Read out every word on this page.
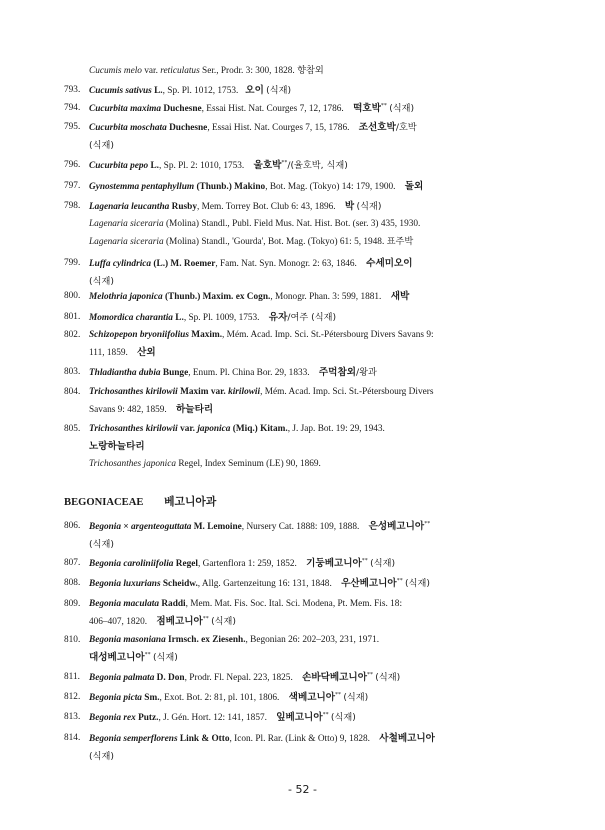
Cucumis melo var. reticulatus Ser., Prodr. 3: 300, 1828. 향참외
793. Cucumis sativus L., Sp. Pl. 1012, 1753.   오이 (식재)
794. Cucurbita maxima Duchesne, Essai Hist. Nat. Courges 7, 12, 1786.    떡호박** (식재)
795. Cucurbita moschata Duchesne, Essai Hist. Nat. Courges 7, 15, 1786.    조선호박/호박
(식재)
796. Cucurbita pepo L., Sp. Pl. 2: 1010, 1753.    울호박**/(율호박, 식재)
797. Gynostemma pentaphyllum (Thunb.) Makino, Bot. Mag. (Tokyo) 14: 179, 1900.    돌외
798. Lagenaria leucantha Rusby, Mem. Torrey Bot. Club 6: 43, 1896.    박 (식재)
Lagenaria siceraria (Molina) Standl., Publ. Field Mus. Nat. Hist. Bot. (ser. 3) 435, 1930.
Lagenaria siceraria (Molina) Standl., 'Gourda', Bot. Mag. (Tokyo) 61: 5, 1948. 표주박
799. Luffa cylindrica (L.) M. Roemer, Fam. Nat. Syn. Monogr. 2: 63, 1846.    수세미오이
(식재)
800. Melothria japonica (Thunb.) Maxim. ex Cogn., Monogr. Phan. 3: 599, 1881.    새박
801. Momordica charantia L., Sp. Pl. 1009, 1753.    유자/여주 (식재)
802. Schizopepon bryoniifolius Maxim., Mém. Acad. Imp. Sci. St.-Pétersbourg Divers Savans 9:
111, 1859.    산외
803. Thladiantha dubia Bunge, Enum. Pl. China Bor. 29, 1833.    주먹참외/왕과
804. Trichosanthes kirilowii Maxim var. kirilowii, Mém. Acad. Imp. Sci. St.-Pétersbourg Divers
Savans 9: 482, 1859.    하늘타리
805. Trichosanthes kirilowii var. japonica (Miq.) Kitam., J. Jap. Bot. 19: 29, 1943.
노랑하늘타리
Trichosanthes japonica Regel, Index Seminum (LE) 90, 1869.
BEGONIACEAE 베고니아과
806. Begonia × argenteoguttata M. Lemoine, Nursery Cat. 1888: 109, 1888.    은성베고니아**
(식재)
807. Begonia caroliniifolia Regel, Gartenflora 1: 259, 1852.    기둥베고니아** (식재)
808. Begonia luxurians Scheidw., Allg. Gartenzeitung 16: 131, 1848.    우산베고니아** (식재)
809. Begonia maculata Raddi, Mem. Mat. Fis. Soc. Ital. Sci. Modena, Pt. Mem. Fis. 18:
406–407, 1820.    점베고니아** (식재)
810. Begonia masoniana Irmsch. ex Ziesenh., Begonian 26: 202–203, 231, 1971.
대성베고니아** (식재)
811. Begonia palmata D. Don, Prodr. Fl. Nepal. 223, 1825.    손바닥베고니아** (식재)
812. Begonia picta Sm., Exot. Bot. 2: 81, pl. 101, 1806.    색베고니아** (식재)
813. Begonia rex Putz., J. Gén. Hort. 12: 141, 1857.    잎베고니아** (식재)
814. Begonia semperflorens Link & Otto, Icon. Pl. Rar. (Link & Otto) 9, 1828.    사철베고니아
(식재)
- 52 -
